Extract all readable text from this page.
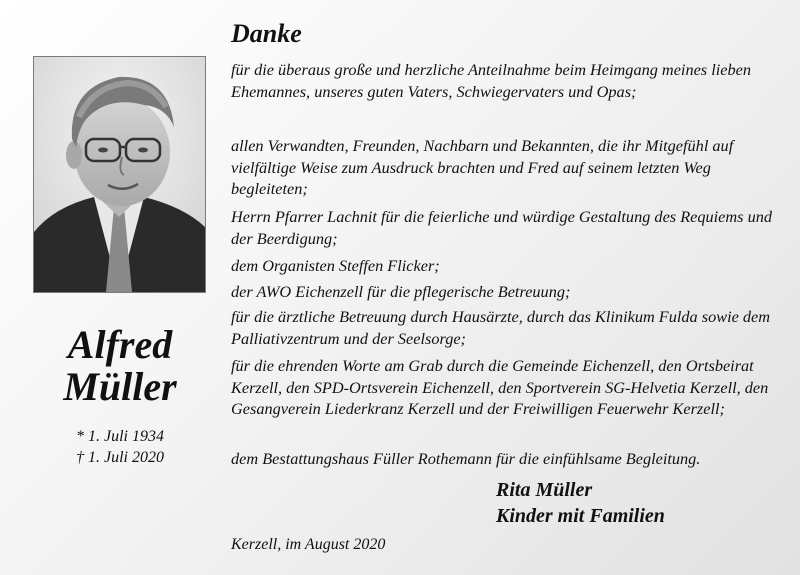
Alfred
Müller
* 1. Juli 1934
† 1. Juli 2020
Danke
für die überaus große und herzliche Anteilnahme beim Heimgang meines lieben Ehemannes, unseres guten Vaters, Schwiegervaters und Opas;
allen Verwandten, Freunden, Nachbarn und Bekannten, die ihr Mitgefühl auf vielfältige Weise zum Ausdruck brachten und Fred auf seinem letzten Weg begleiteten;
Herrn Pfarrer Lachnit für die feierliche und würdige Gestaltung des Requiems und der Beerdigung;
dem Organisten Steffen Flicker;
der AWO Eichenzell für die pflegerische Betreuung;
für die ärztliche Betreuung durch Hausärzte, durch das Klinikum Fulda sowie dem Palliativzentrum und der Seelsorge;
für die ehrenden Worte am Grab durch die Gemeinde Eichenzell, den Ortsbeirat Kerzell, den SPD-Ortsverein Eichenzell, den Sportverein SG-Helvetia Kerzell, den Gesangverein Liederkranz Kerzell und der Freiwilligen Feuerwehr Kerzell;
dem Bestattungshaus Füller Rothemann für die einfühlsame Begleitung.
Rita Müller
Kinder mit Familien
Kerzell, im August 2020
